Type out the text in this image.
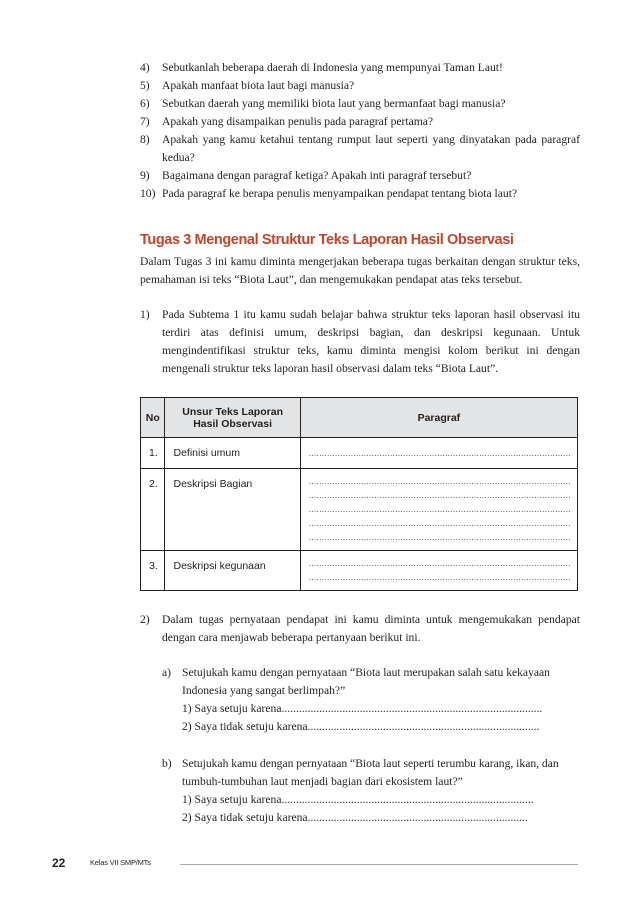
4)	Sebutkanlah beberapa daerah di Indonesia yang mempunyai Taman Laut!
5)	Apakah manfaat biota laut bagi manusia?
6)	Sebutkan daerah yang memiliki biota laut yang bermanfaat bagi manusia?
7)	Apakah yang disampaikan penulis pada paragraf pertama?
8)	Apakah yang kamu ketahui tentang rumput laut seperti yang dinyatakan pada paragraf kedua?
9)	Bagaimana dengan paragraf ketiga? Apakah inti paragraf tersebut?
10) Pada paragraf ke berapa penulis menyampaikan pendapat tentang biota laut?
Tugas 3 Mengenal Struktur Teks Laporan Hasil Observasi
Dalam Tugas 3 ini kamu diminta mengerjakan beberapa tugas berkaitan dengan struktur teks, pemahaman isi teks “Biota Laut”, dan mengemukakan pendapat atas teks tersebut.
1)	Pada Subtema 1 itu kamu sudah belajar bahwa struktur teks laporan hasil observasi itu terdiri atas definisi umum, deskripsi bagian, dan deskripsi kegunaan. Untuk mengindentifikasi struktur teks, kamu diminta mengisi kolom berikut ini dengan mengenali struktur teks laporan hasil observasi dalam teks “Biota Laut”.
No	Unsur Teks Laporan Hasil Observasi	Paragraf
1.	Definisi umum	....................................................................................................

2.	Deskripsi Bagian	....................................................................................................
....................................................................................................
....................................................................................................
....................................................................................................
....................................................................................................

3.	Deskripsi kegunaan	....................................................................................................
....................................................................................................
2)	Dalam tugas pernyataan pendapat ini kamu diminta untuk mengemukakan pendapat dengan cara menjawab beberapa pertanyaan berikut ini.
a) Setujukah kamu dengan pernyataan “Biota laut merupakan salah satu kekayaan Indonesia yang sangat berlimpah?”
1) Saya setuju karena..........................................................................................
2) Saya tidak setuju karena................................................................................
b) Setujukah kamu dengan pernyataan “Biota laut seperti terumbu karang, ikan, dan tumbuh-tumbuhan laut menjadi bagian dari ekosistem laut?”
1) Saya setuju karena.......................................................................................
2) Saya tidak setuju karena............................................................................
22	Kelas VII SMP/MTs
